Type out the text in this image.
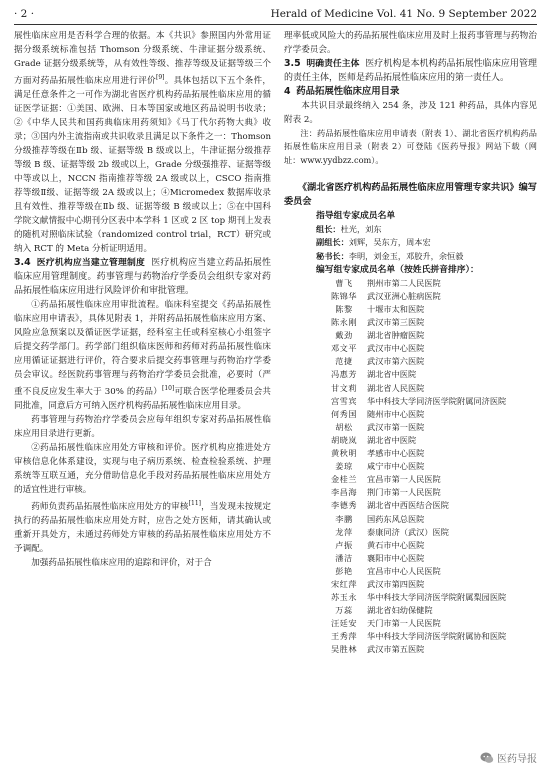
· 2 ·	Herald of Medicine Vol. 41 No. 9 September 2022

展性临床应用是否科学合理的依据。本《共识》参照国内外常用证据分级系统标准包括 Thomson 分级系统、牛津证据分级系统、Grade 证据分级系统等，从有效性等级、推荐等级及证据等级三个方面对药品拓展性临床应用进行评价[9]。具体包括以下五个条件，满足任意条件之一可作为湖北省医疗机构药品拓展性临床应用的循证医学证据：①美国、欧洲、日本等国家或地区药品说明书收录；②《中华人民共和国药典临床用药须知》《马丁代尔药物大典》收录；③国内外主流指南或共识收录且满足以下条件之一：Thomson 分级推荐等级在Ⅱb 级、证据等级 B 级或以上，牛津证据分级推荐等级 B 级、证据等级 2b 级或以上，Grade 分级强推荐、证据等级中等或以上，NCCN 指南推荐等级 2A 级或以上，CSCO 指南推荐等级Ⅱ级、证据等级 2A 级或以上；④Micromedex 数据库收录且有效性、推荐等级在Ⅱb 级、证据等级 B 级或以上；⑤在中国科学院文献情报中心期刊分区表中本学科 1 区或 2 区 top 期刊上发表的随机对照临床试验（randomized control trial，RCT）研究或纳入 RCT 的 Meta 分析证明适用。

3.4 医疗机构应当建立管理制度 医疗机构应当建立药品拓展性临床应用管理制度。药事管理与药物治疗学委员会组织专家对药品拓展性临床应用进行风险评价和审批管理。

①药品拓展性临床应用审批流程。临床科室提交《药品拓展性临床应用申请表》，具体见附表 1，并附药品拓展性临床应用方案、风险应急预案以及循证医学证据，经科室主任或科室核心小组签字后提交药学部门。药学部门组织临床医师和药师对药品拓展性临床应用循证证据进行评价，符合要求后提交药事管理与药物治疗学委员会审议。经医院药事管理与药物治疗学委员会批准，必要时（严重不良反应发生率大于 30% 的药品）[10]可联合医学伦理委员会共同批准，同意后方可纳入医疗机构药品拓展性临床应用目录。

药事管理与药物治疗学委员会应每年组织专家对药品拓展性临床应用目录进行更新。

②药品拓展性临床应用处方审核和评价。医疗机构应推进处方审核信息化体系建设，实现与电子病历系统、检查检验系统、护理系统等互联互通，充分借助信息化手段对药品拓展性临床应用处方的适宜性进行审核。

药师负责药品拓展性临床应用处方的审核[11]，当发现未按规定执行的药品拓展性临床应用处方时，应告之处方医师，请其确认或重新开具处方，未通过药师处方审核的药品拓展性临床应用处方不予调配。

加强药品拓展性临床应用的追踪和评价，对于合

理率低或风险大的药品拓展性临床应用及时上报药事管理与药物治疗学委员会。

3.5 明确责任主体 医疗机构是本机构药品拓展性临床应用管理的责任主体，医师是药品拓展性临床应用的第一责任人。

4 药品拓展性临床应用目录

本共识目录最终纳入 254 条，涉及 121 种药品，具体内容见附表 2。

注：药品拓展性临床应用申请表（附表 1）、湖北省医疗机构药品拓展性临床应用目录（附表 2）可登陆《医药导报》网站下载（网址：www.yydbzz.com）。

《湖北省医疗机构药品拓展性临床应用管理专家共识》编写委员会
指导组专家成员名单
组长：杜光，刘东
副组长：刘辉，吴东方，周本宏
秘书长：李明，刘金玉，邓胶升，余恒毅
编写组专家成员名单（按姓氏拼音排序）：
曹飞	荆州市第二人民医院
陈锦华	武汉亚洲心脏病医院
陈黎	十堰市太和医院
陈永刚	武汉市第三医院
戴劲	湖北省肿瘤医院
邓文平	武汉市中心医院
范捷	武汉市第六医院
冯惠芳	湖北省中医院
甘文莉	湖北省人民医院
宫雪宾	华中科技大学同济医学院附属同济医院
何秀国	随州市中心医院
胡松	武汉市第一医院
胡晓岚	湖北省中医院
黄秋明	孝感市中心医院
姜琼	咸宁市中心医院
金桂兰	宜昌市第一人民医院
李昌海	荆门市第一人民医院
李德秀	湖北省中西医结合医院
李鹏	国药东风总医院
龙萍	泰康同济（武汉）医院
卢振	黄石市中心医院
潘洁	襄阳市中心医院
彭艳	宜昌市中心人民医院
宋红萍	武汉市第四医院
苏玉永	华中科技大学同济医学院附属梨园医院
万蕊	湖北省妇幼保健院
汪廷安	天门市第一人民医院
王秀萍	华中科技大学同济医学院附属协和医院
吴胜林	武汉市第五医院
医药导报
